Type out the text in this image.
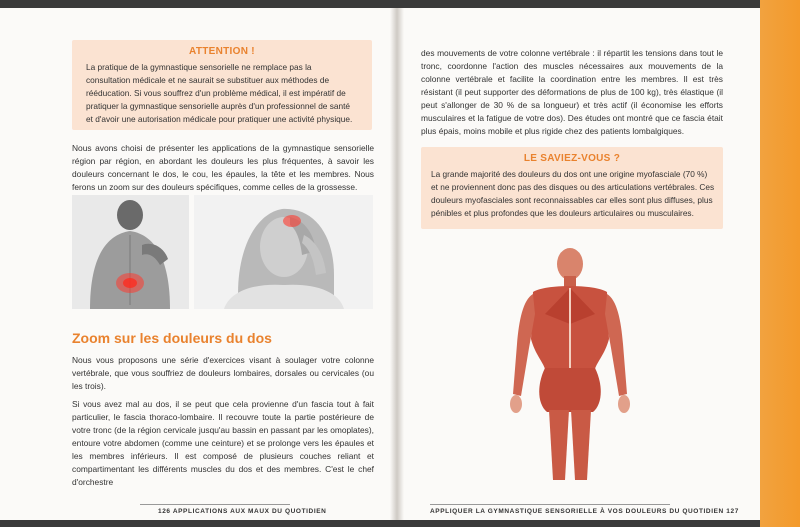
ATTENTION !
La pratique de la gymnastique sensorielle ne remplace pas la consultation médicale et ne saurait se substituer aux méthodes de rééducation. Si vous souffrez d'un problème médical, il est impératif de pratiquer la gymnastique sensorielle auprès d'un professionnel de santé et d'avoir une autorisation médicale pour pratiquer une activité physique.
Nous avons choisi de présenter les applications de la gymnastique sensorielle région par région, en abordant les douleurs les plus fréquentes, à savoir les douleurs concernant le dos, le cou, les épaules, la tête et les membres. Nous ferons un zoom sur des douleurs spécifiques, comme celles de la grossesse.
Zoom sur les douleurs du dos
Nous vous proposons une série d'exercices visant à soulager votre colonne vertébrale, que vous souffriez de douleurs lombaires, dorsales ou cervicales (ou les trois).
Si vous avez mal au dos, il se peut que cela provienne d'un fascia tout à fait particulier, le fascia thoraco-lombaire. Il recouvre toute la partie postérieure de votre tronc (de la région cervicale jusqu'au bassin en passant par les omoplates), entoure votre abdomen (comme une ceinture) et se prolonge vers les épaules et les membres inférieurs. Il est composé de plusieurs couches reliant et compartimentant les différents muscles du dos et des membres. C'est le chef d'orchestre
126 APPLICATIONS AUX MAUX DU QUOTIDIEN
des mouvements de votre colonne vertébrale : il répartit les tensions dans tout le tronc, coordonne l'action des muscles nécessaires aux mouvements de la colonne vertébrale et facilite la coordination entre les membres. Il est très résistant (il peut supporter des déformations de plus de 100 kg), très élastique (il peut s'allonger de 30 % de sa longueur) et très actif (il économise les efforts musculaires et la fatigue de votre dos). Des études ont montré que ce fascia était plus épais, moins mobile et plus rigide chez des patients lombalgiques.
LE SAVIEZ-VOUS ?
La grande majorité des douleurs du dos ont une origine myofasciale (70 %) et ne proviennent donc pas des disques ou des articulations vertébrales. Ces douleurs myofasciales sont reconnaissables car elles sont plus diffuses, plus pénibles et plus profondes que les douleurs articulaires ou musculaires.
APPLIQUER LA GYMNASTIQUE SENSORIELLE À VOS DOULEURS DU QUOTIDIEN 127
